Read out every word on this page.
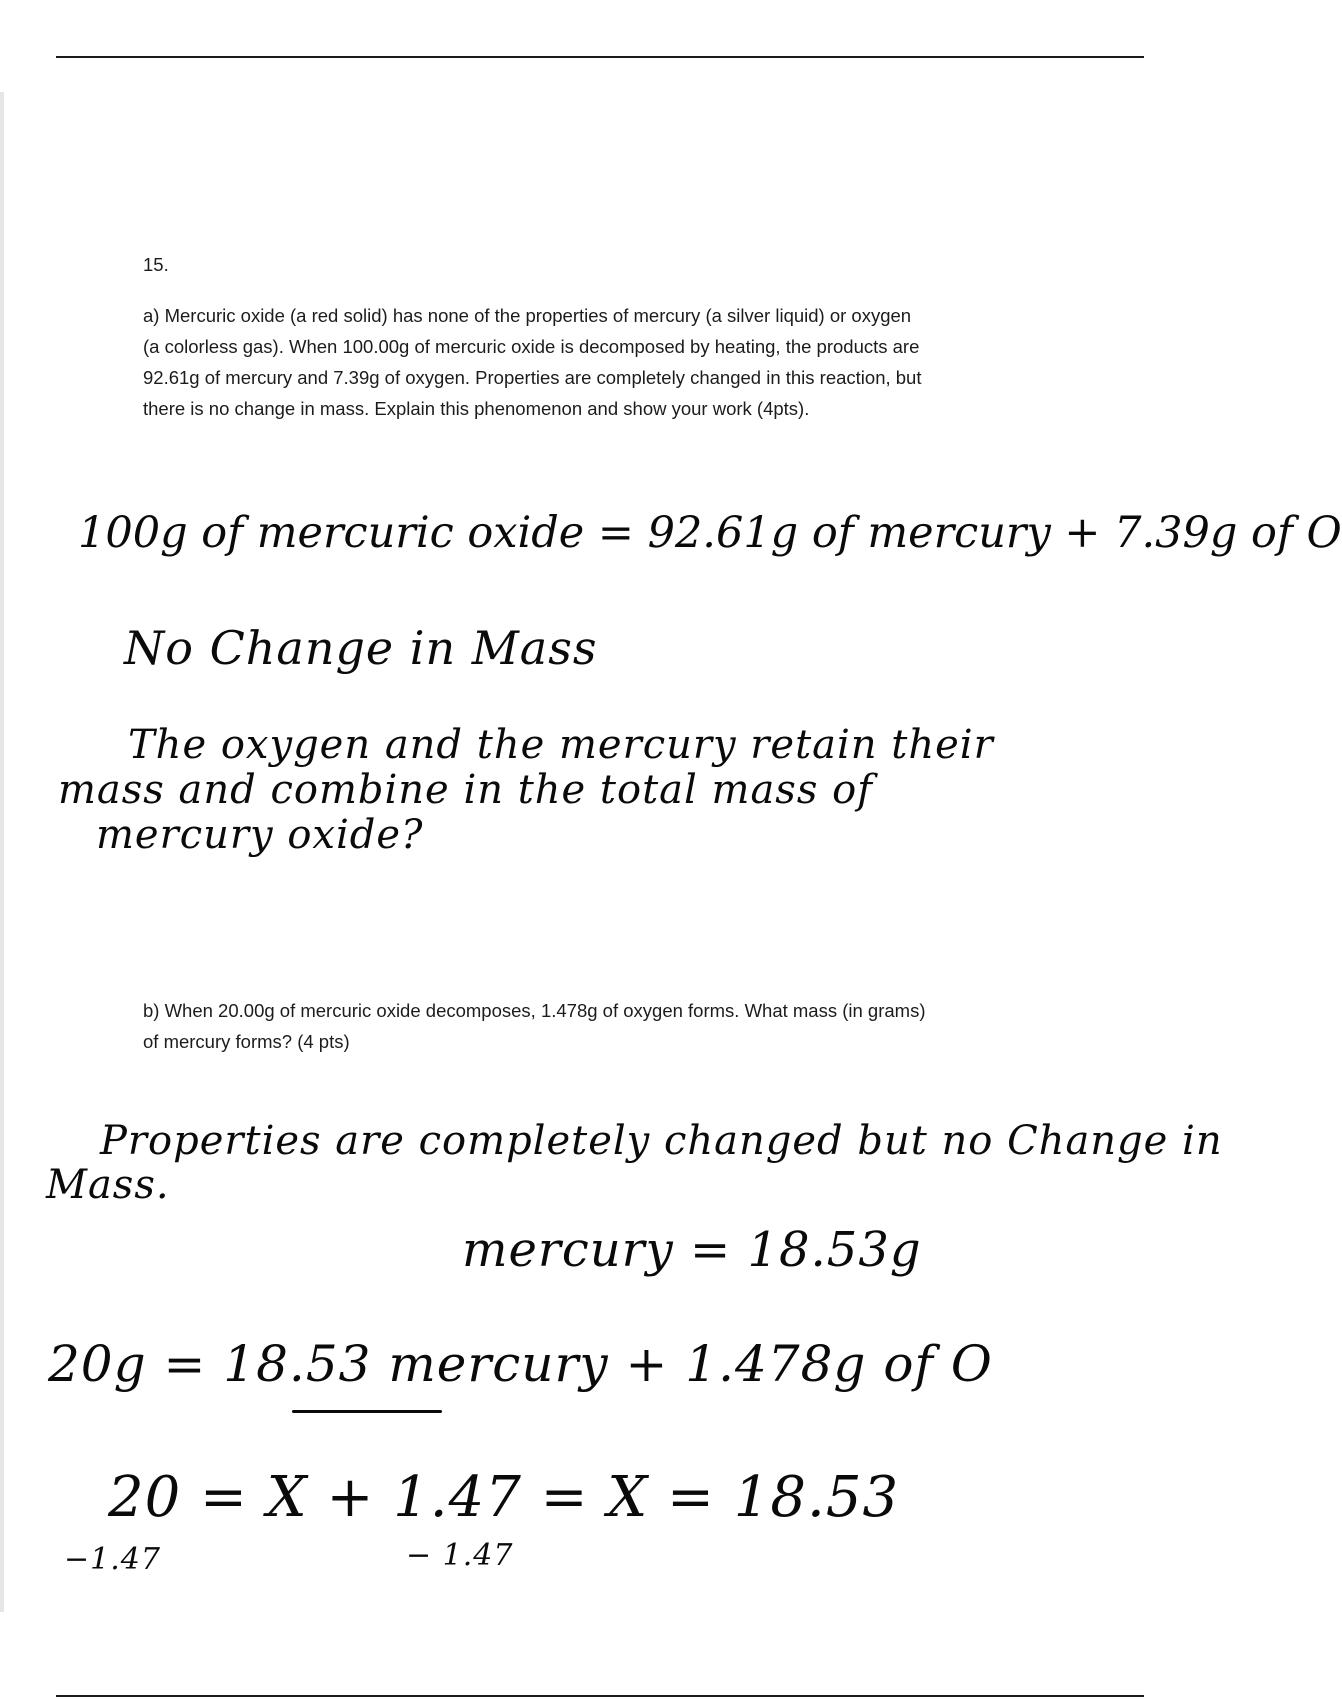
15.
a) Mercuric oxide (a red solid) has none of the properties of mercury (a silver liquid) or oxygen
(a colorless gas). When 100.00g of mercuric oxide is decomposed by heating, the products are
92.61g of mercury and 7.39g of oxygen. Properties are completely changed in this reaction, but
there is no change in mass. Explain this phenomenon and show your work (4pts).
100g of mercuric oxide = 92.61g of mercury + 7.39g of O
No Change in Mass
The oxygen and the mercury retain their
mass and combine in the total mass of
mercury oxide?
b) When 20.00g of mercuric oxide decomposes, 1.478g of oxygen forms. What mass (in grams)
of mercury forms? (4 pts)
Properties are completely changed but no Change in
Mass.
mercury = 18.53g
20g = 18.53 mercury + 1.478g of O
20 = X + 1.47 = X = 18.53
−1.47	− 1.47
